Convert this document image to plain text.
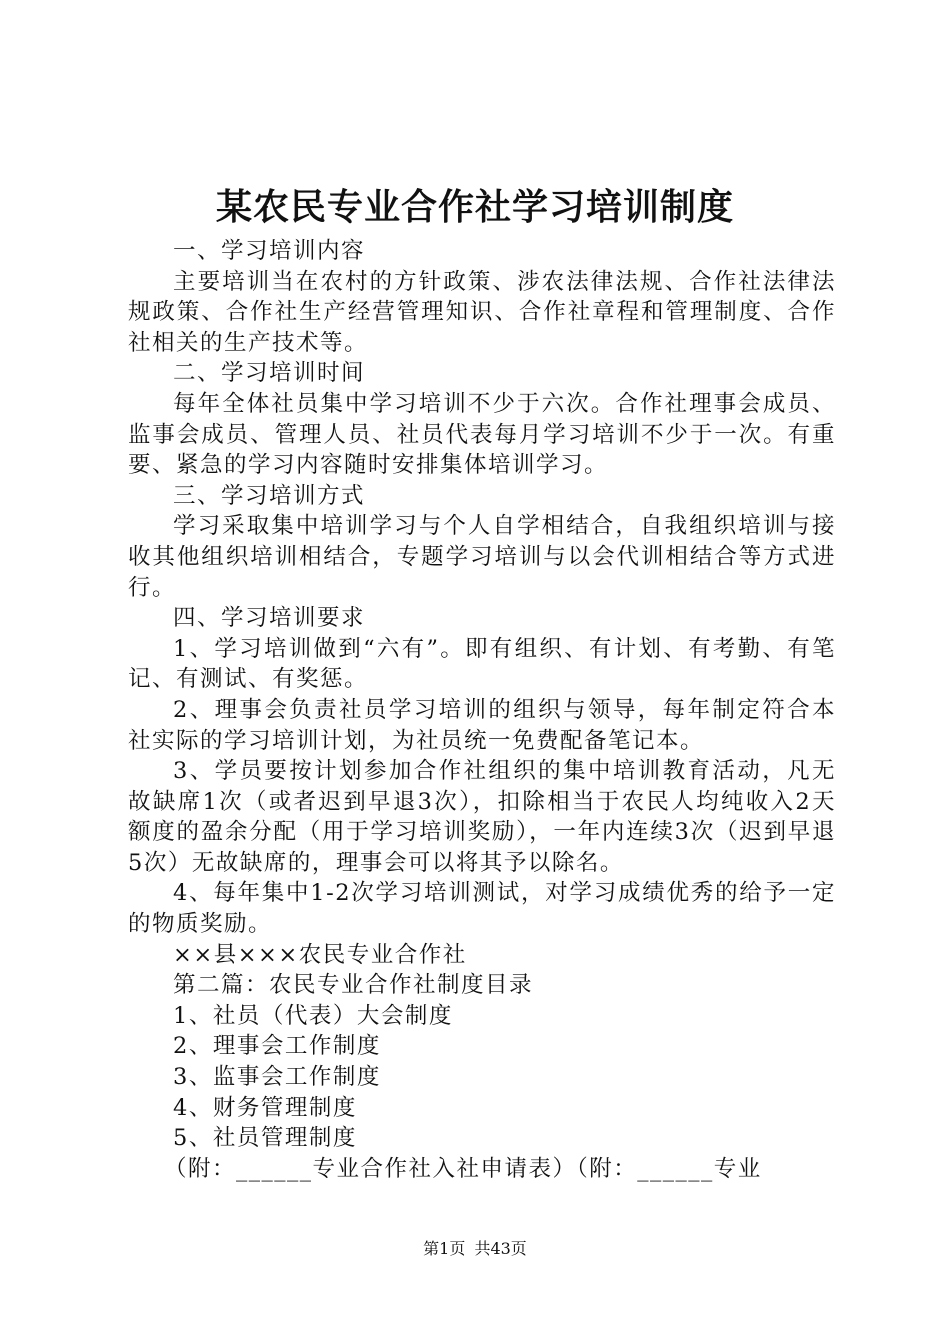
某农民专业合作社学习培训制度

一、学习培训内容

主要培训当在农村的方针政策、涉农法律法规、合作社法律法规政策、合作社生产经营管理知识、合作社章程和管理制度、合作社相关的生产技术等。

二、学习培训时间

每年全体社员集中学习培训不少于六次。合作社理事会成员、监事会成员、管理人员、社员代表每月学习培训不少于一次。有重要、紧急的学习内容随时安排集体培训学习。

三、学习培训方式

学习采取集中培训学习与个人自学相结合，自我组织培训与接收其他组织培训相结合，专题学习培训与以会代训相结合等方式进行。

四、学习培训要求

1、学习培训做到“六有”。即有组织、有计划、有考勤、有笔记、有测试、有奖惩。

2、理事会负责社员学习培训的组织与领导，每年制定符合本社实际的学习培训计划，为社员统一免费配备笔记本。

3、学员要按计划参加合作社组织的集中培训教育活动，凡无故缺席1次（或者迟到早退3次），扣除相当于农民人均纯收入2天额度的盈余分配（用于学习培训奖励），一年内连续3次（迟到早退5次）无故缺席的，理事会可以将其予以除名。

4、每年集中1-2次学习培训测试，对学习成绩优秀的给予一定的物质奖励。

××县×××农民专业合作社

第二篇：农民专业合作社制度目录

1、社员（代表）大会制度

2、理事会工作制度

3、监事会工作制度

4、财务管理制度

5、社员管理制度

（附：______专业合作社入社申请表）（附：______专业

第1页 共43页
